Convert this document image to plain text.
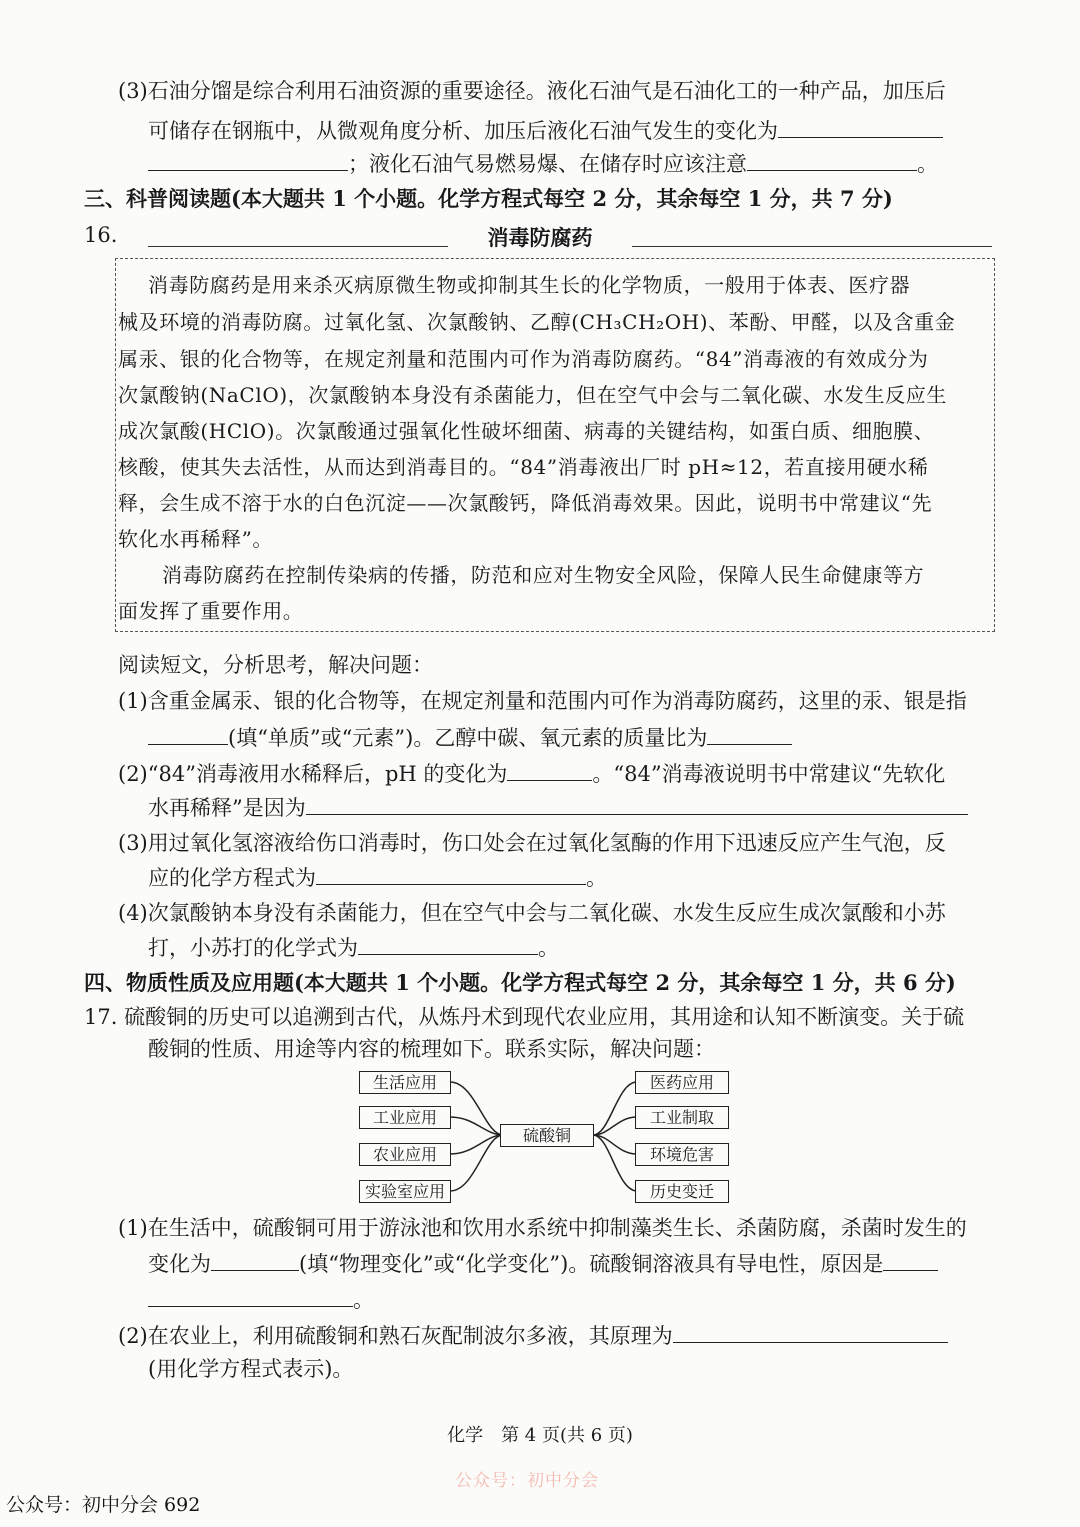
(3)石油分馏是综合利用石油资源的重要途径。液化石油气是石油化工的一种产品，加压后
可储存在钢瓶中，从微观角度分析、加压后液化石油气发生的变化为
；液化石油气易燃易爆、在储存时应该注意	。
三、科普阅读题(本大题共 1 个小题。化学方程式每空 2 分，其余每空 1 分，共 7 分)
16.	消毒防腐药
消毒防腐药是用来杀灭病原微生物或抑制其生长的化学物质，一般用于体表、医疗器
械及环境的消毒防腐。过氧化氢、次氯酸钠、乙醇(CH₃CH₂OH)、苯酚、甲醛，以及含重金
属汞、银的化合物等，在规定剂量和范围内可作为消毒防腐药。“84”消毒液的有效成分为
次氯酸钠(NaClO)，次氯酸钠本身没有杀菌能力，但在空气中会与二氧化碳、水发生反应生
成次氯酸(HClO)。次氯酸通过强氧化性破坏细菌、病毒的关键结构，如蛋白质、细胞膜、
核酸，使其失去活性，从而达到消毒目的。“84”消毒液出厂时 pH≈12，若直接用硬水稀
释，会生成不溶于水的白色沉淀——次氯酸钙，降低消毒效果。因此，说明书中常建议“先
软化水再稀释”。
消毒防腐药在控制传染病的传播，防范和应对生物安全风险，保障人民生命健康等方
面发挥了重要作用。
阅读短文，分析思考，解决问题：
(1)含重金属汞、银的化合物等，在规定剂量和范围内可作为消毒防腐药，这里的汞、银是指
(填“单质”或“元素”)。乙醇中碳、氧元素的质量比为
(2)“84”消毒液用水稀释后，pH 的变化为	。“84”消毒液说明书中常建议“先软化
水再稀释”是因为
(3)用过氧化氢溶液给伤口消毒时，伤口处会在过氧化氢酶的作用下迅速反应产生气泡，反
应的化学方程式为	。
(4)次氯酸钠本身没有杀菌能力，但在空气中会与二氧化碳、水发生反应生成次氯酸和小苏
打，小苏打的化学式为	。
四、物质性质及应用题(本大题共 1 个小题。化学方程式每空 2 分，其余每空 1 分，共 6 分)
17. 硫酸铜的历史可以追溯到古代，从炼丹术到现代农业应用，其用途和认知不断演变。关于硫
酸铜的性质、用途等内容的梳理如下。联系实际，解决问题：
生活应用
工业应用
农业应用
实验室应用
硫酸铜
医药应用
工业制取
环境危害
历史变迁
(1)在生活中，硫酸铜可用于游泳池和饮用水系统中抑制藻类生长、杀菌防腐，杀菌时发生的
变化为	(填“物理变化”或“化学变化”)。硫酸铜溶液具有导电性，原因是
。
(2)在农业上，利用硫酸铜和熟石灰配制波尔多液，其原理为
(用化学方程式表示)。
化学　第 4 页(共 6 页)
公众号：初中分会
公众号：初中分会 692
